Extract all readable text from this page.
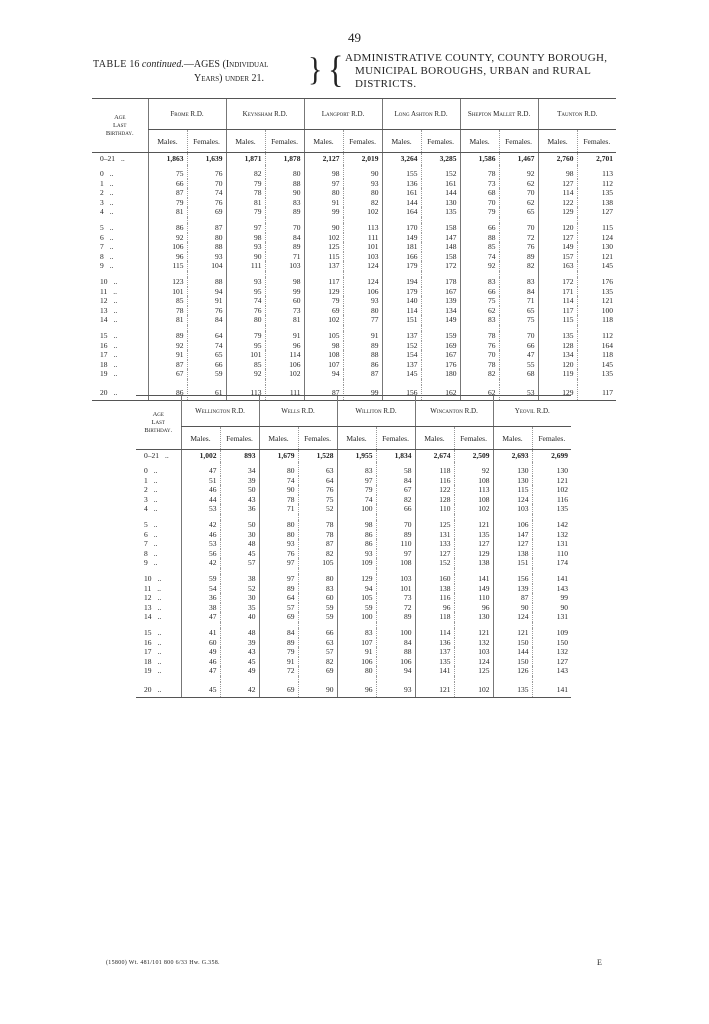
49
TABLE 16 continued.—AGES (Individual
Years) under 21. } { ADMINISTRATIVE COUNTY, COUNTY BOROUGH,
MUNICIPAL BOROUGHS, URBAN and RURAL
DISTRICTS.
Age
Last
Birthday.	Frome R.D.		Keynsham R.D.		Langport R.D.		Long Ashton R.D.		Shepton Mallet R.D.		Taunton R.D.	
	Males.	Females.	Males.	Females.	Males.	Females.	Males.	Females.	Males.	Females.	Males.	Females.
0–21 ..	1,863	1,639	1,871	1,878	2,127	2,019	3,264	3,285	1,586	1,467	2,760	2,701
0 ..	75	76	82	80	98	90	155	152	78	92	98	113
1 ..	66	70	79	88	97	93	136	161	73	62	127	112
2 ..	87	74	78	90	80	80	161	144	68	70	114	135
3 ..	79	76	81	83	91	82	144	130	70	62	122	138
4 ..	81	69	79	89	99	102	164	135	79	65	129	127

5 ..	86	87	97	70	90	113	170	158	66	70	120	115
6 ..	92	80	98	84	102	111	149	147	88	72	127	124
7 ..	106	88	93	89	125	101	181	148	85	76	149	130
8 ..	96	93	90	71	115	103	166	158	74	89	157	121
9 ..	115	104	111	103	137	124	179	172	92	82	163	145

10 ..	123	88	93	98	117	124	194	178	83	83	172	176
11 ..	101	94	95	99	129	106	179	167	66	84	171	135
12 ..	85	91	74	60	79	93	140	139	75	71	114	121
13 ..	78	76	76	73	69	80	114	134	62	65	117	100
14 ..	81	84	80	81	102	77	151	149	83	75	115	118

15 ..	89	64	79	91	105	91	137	159	78	70	135	112
16 ..	92	74	95	96	98	89	152	169	76	66	128	164
17 ..	91	65	101	114	108	88	154	167	70	47	134	118
18 ..	87	66	85	106	107	86	137	176	78	55	120	145
19 ..	67	59	92	102	94	87	145	180	82	68	119	135

20 ..	86	61	113	111	87	99	156	162	62	53	129	117
Age
Last
Birthday.	Wellington R.D.		Wells R.D.		Williton R.D.		Wincanton R.D.		Yeovil R.D.	
	Males.	Females.	Males.	Females.	Males.	Females.	Males.	Females.	Males.	Females.
0–21 ..	1,002	893	1,679	1,528	1,955	1,834	2,674	2,509	2,693	2,699
0 ..	47	34	80	63	83	58	118	92	130	130
1 ..	51	39	74	64	97	84	116	108	130	121
2 ..	46	50	90	76	79	67	122	113	115	102
3 ..	44	43	78	75	74	82	128	108	124	116
4 ..	53	36	71	52	100	66	110	102	103	135

5 ..	42	50	80	78	98	70	125	121	106	142
6 ..	46	30	80	78	86	89	131	135	147	132
7 ..	53	48	93	87	86	110	133	127	127	131
8 ..	56	45	76	82	93	97	127	129	138	110
9 ..	42	57	97	105	109	108	152	138	151	174

10 ..	59	38	97	80	129	103	160	141	156	141
11 ..	54	52	89	83	94	101	138	149	139	143
12 ..	36	30	64	60	105	73	116	110	87	99
13 ..	38	35	57	59	59	72	96	96	90	90
14 ..	47	40	69	59	100	89	118	130	124	131

15 ..	41	48	84	66	83	100	114	121	121	109
16 ..	60	39	89	63	107	84	136	132	150	150
17 ..	49	43	79	57	91	88	137	103	144	132
18 ..	46	45	91	82	106	106	135	124	150	127
19 ..	47	49	72	69	80	94	141	125	126	143

20 ..	45	42	69	90	96	93	121	102	135	141
(15800) Wt. 481/101 800 6/33 Hw. G.358.	E
